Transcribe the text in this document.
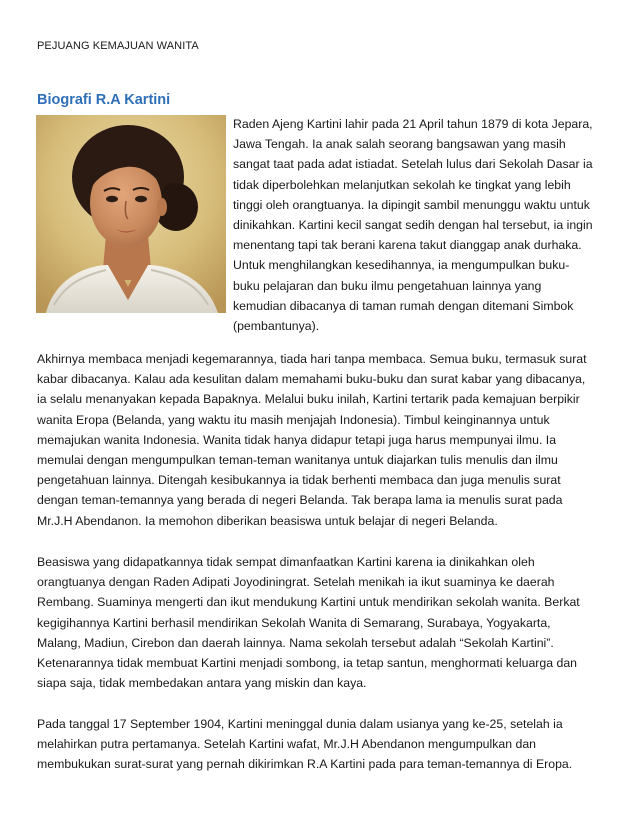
PEJUANG KEMAJUAN WANITA
Biografi R.A Kartini
Raden Ajeng Kartini lahir pada 21 April tahun 1879 di kota Jepara,
Jawa Tengah. Ia anak salah seorang bangsawan yang masih
sangat taat pada adat istiadat. Setelah lulus dari Sekolah Dasar ia
tidak diperbolehkan melanjutkan sekolah ke tingkat yang lebih
tinggi oleh orangtuanya. Ia dipingit sambil menunggu waktu untuk
dinikahkan. Kartini kecil sangat sedih dengan hal tersebut, ia ingin
menentang tapi tak berani karena takut dianggap anak durhaka.
Untuk menghilangkan kesedihannya, ia mengumpulkan buku-
buku pelajaran dan buku ilmu pengetahuan lainnya yang
kemudian dibacanya di taman rumah dengan ditemani Simbok
(pembantunya).
Akhirnya membaca menjadi kegemarannya, tiada hari tanpa membaca. Semua buku, termasuk surat
kabar dibacanya. Kalau ada kesulitan dalam memahami buku-buku dan surat kabar yang dibacanya,
ia selalu menanyakan kepada Bapaknya. Melalui buku inilah, Kartini tertarik pada kemajuan berpikir
wanita Eropa (Belanda, yang waktu itu masih menjajah Indonesia). Timbul keinginannya untuk
memajukan wanita Indonesia. Wanita tidak hanya didapur tetapi juga harus mempunyai ilmu. Ia
memulai dengan mengumpulkan teman-teman wanitanya untuk diajarkan tulis menulis dan ilmu
pengetahuan lainnya. Ditengah kesibukannya ia tidak berhenti membaca dan juga menulis surat
dengan teman-temannya yang berada di negeri Belanda. Tak berapa lama ia menulis surat pada
Mr.J.H Abendanon. Ia memohon diberikan beasiswa untuk belajar di negeri Belanda.
Beasiswa yang didapatkannya tidak sempat dimanfaatkan Kartini karena ia dinikahkan oleh
orangtuanya dengan Raden Adipati Joyodiningrat. Setelah menikah ia ikut suaminya ke daerah
Rembang. Suaminya mengerti dan ikut mendukung Kartini untuk mendirikan sekolah wanita. Berkat
kegigihannya Kartini berhasil mendirikan Sekolah Wanita di Semarang, Surabaya, Yogyakarta,
Malang, Madiun, Cirebon dan daerah lainnya. Nama sekolah tersebut adalah “Sekolah Kartini”.
Ketenarannya tidak membuat Kartini menjadi sombong, ia tetap santun, menghormati keluarga dan
siapa saja, tidak membedakan antara yang miskin dan kaya.
Pada tanggal 17 September 1904, Kartini meninggal dunia dalam usianya yang ke-25, setelah ia
melahirkan putra pertamanya. Setelah Kartini wafat, Mr.J.H Abendanon mengumpulkan dan
membukukan surat-surat yang pernah dikirimkan R.A Kartini pada para teman-temannya di Eropa.
